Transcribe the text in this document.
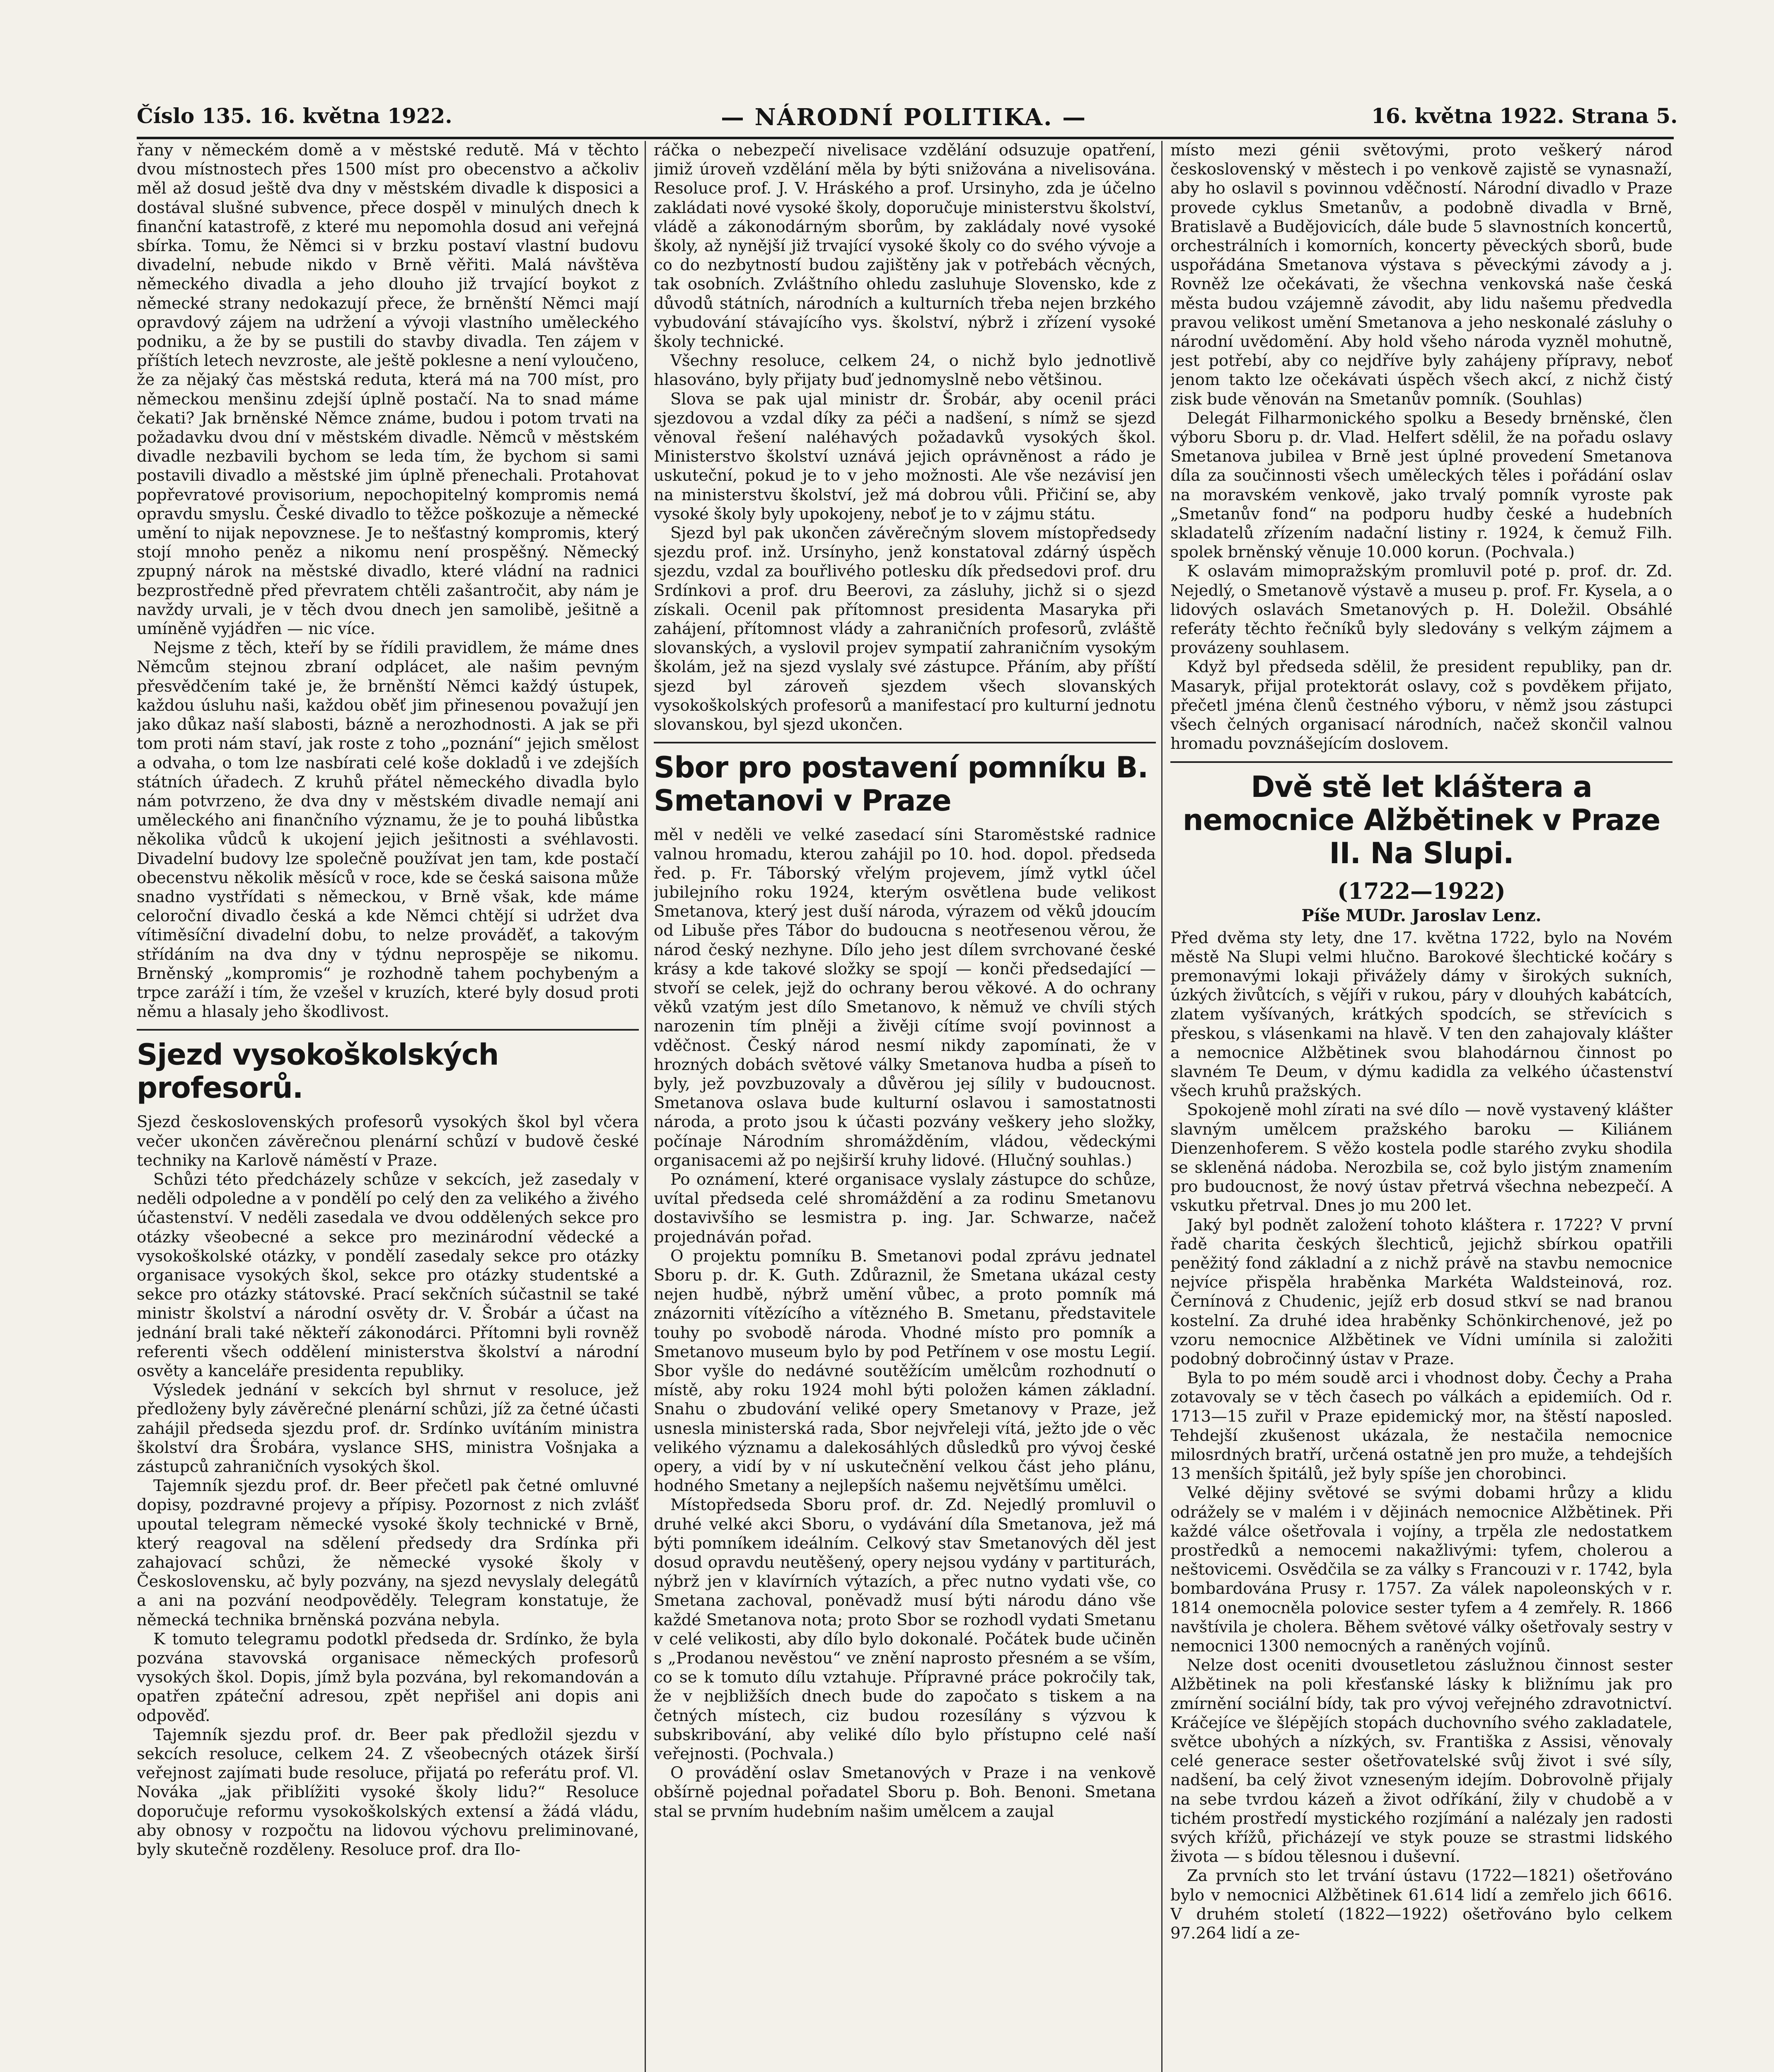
Číslo 135. 16. května 1922.	— NÁRODNÍ POLITIKA. —	16. května 1922. Strana 5.

řany v německém domě a v městské redutě. Má v těchto dvou místnostech přes 1500 míst pro obecenstvo a ačkoliv měl až dosud ještě dva dny v městském divadle k disposici a dostával slušné subvence, přece dospěl v minulých dnech k finanční katastrofě, z které mu nepomohla dosud ani veřejná sbírka. Tomu, že Němci si v brzku postaví vlastní budovu divadelní, nebude nikdo v Brně věřiti. Malá návštěva německého divadla a jeho dlouho již trvající boykot z německé strany nedokazují přece, že brněnští Němci mají opravdový zájem na udržení a vývoji vlastního uměleckého podniku, a že by se pustili do stavby divadla. Ten zájem v příštích letech nevzroste, ale ještě poklesne a není vyloučeno, že za nějaký čas městská reduta, která má na 700 míst, pro německou menšinu zdejší úplně postačí. Na to snad máme čekati? Jak brněnské Němce známe, budou i potom trvati na požadavku dvou dní v městském divadle. Němců v městském divadle nezbavili bychom se leda tím, že bychom si sami postavili divadlo a městské jim úplně přenechali. Protahovat popřevratové provisorium, nepochopitelný kompromis nemá opravdu smyslu. České divadlo to těžce poškozuje a německé umění to nijak nepovznese. Je to nešťastný kompromis, který stojí mnoho peněz a nikomu není prospěšný. Německý zpupný nárok na městské divadlo, které vládní na radnici bezprostředně před převratem chtěli zašantročit, aby nám je navždy urvali, je v těch dvou dnech jen samolibě, ješitně a umíněně vyjádřen — nic více.

Nejsme z těch, kteří by se řídili pravidlem, že máme dnes Němcům stejnou zbraní odplácet, ale našim pevným přesvědčením také je, že brněnští Němci každý ústupek, každou úsluhu naši, každou oběť jim přinesenou považují jen jako důkaz naší slabosti, bázně a nerozhodnosti. A jak se při tom proti nám staví, jak roste z toho „poznání“ jejich smělost a odvaha, o tom lze nasbírati celé koše dokladů i ve zdejších státních úřadech. Z kruhů přátel německého divadla bylo nám potvrzeno, že dva dny v městském divadle nemají ani uměleckého ani finančního významu, že je to pouhá libůstka několika vůdců k ukojení jejich ješitnosti a svéhlavosti. Divadelní budovy lze společně používat jen tam, kde postačí obecenstvu několik měsíců v roce, kde se česká saisona může snadno vystřídati s německou, v Brně však, kde máme celoroční divadlo česká a kde Němci chtějí si udržet dva vítiměsíční divadelní dobu, to nelze prováděť, a takovým střídáním na dva dny v týdnu neprospěje se nikomu. Brněnský „kompromis“ je rozhodně tahem pochybeným a trpce zaráží i tím, že vzešel v kruzích, které byly dosud proti němu a hlasaly jeho škodlivost.

Sjezd vysokoškolských profesorů.

Sjezd československých profesorů vysokých škol byl včera večer ukončen závěrečnou plenární schůzí v budově české techniky na Karlově náměstí v Praze.

Schůzi této předcházely schůze v sekcích, jež zasedaly v neděli odpoledne a v pondělí po celý den za velikého a živého účastenství. V neděli zasedala ve dvou oddělených sekce pro otázky všeobecné a sekce pro mezinárodní vědecké a vysokoškolské otázky, v pondělí zasedaly sekce pro otázky organisace vysokých škol, sekce pro otázky studentské a sekce pro otázky státovské. Prací sekčních súčastnil se také ministr školství a národní osvěty dr. V. Šrobár a účast na jednání brali také někteří zákonodárci. Přítomni byli rovněž referenti všech oddělení ministerstva školství a národní osvěty a kanceláře presidenta republiky.

Výsledek jednání v sekcích byl shrnut v resoluce, jež předloženy byly závěrečné plenární schůzi, jíž za četné účasti zahájil předseda sjezdu prof. dr. Srdínko uvítáním ministra školství dra Šrobára, vyslance SHS, ministra Vošnjaka a zástupců zahraničních vysokých škol.

Tajemník sjezdu prof. dr. Beer přečetl pak četné omluvné dopisy, pozdravné projevy a přípisy. Pozornost z nich zvlášť upoutal telegram německé vysoké školy technické v Brně, který reagoval na sdělení předsedy dra Srdínka při zahajovací schůzi, že německé vysoké školy v Československu, ač byly pozvány, na sjezd nevyslaly delegátů a ani na pozvání neodpověděly. Telegram konstatuje, že německá technika brněnská pozvána nebyla.

K tomuto telegramu podotkl předseda dr. Srdínko, že byla pozvána stavovská organisace německých profesorů vysokých škol. Dopis, jímž byla pozvána, byl rekomandován a opatřen zpáteční adresou, zpět nepřišel ani dopis ani odpověď.

Tajemník sjezdu prof. dr. Beer pak předložil sjezdu v sekcích resoluce, celkem 24. Z všeobecných otázek širší veřejnost zajímati bude resoluce, přijatá po referátu prof. Vl. Nováka „jak přiblížiti vysoké školy lidu?“ Resoluce doporučuje reformu vysokoškolských extensí a žádá vládu, aby obnosy v rozpočtu na lidovou výchovu preliminované, byly skutečně rozděleny. Resoluce prof. dra Ilo-

ráčka o nebezpečí nivelisace vzdělání odsuzuje opatření, jimiž úroveň vzdělání měla by býti snižována a nivelisována. Resoluce prof. J. V. Hráského a prof. Ursinyho, zda je účelno zakládati nové vysoké školy, doporučuje ministerstvu školství, vládě a zákonodárným sborům, by zakládaly nové vysoké školy, až nynější již trvající vysoké školy co do svého vývoje a co do nezbytností budou zajištěny jak v potřebách věcných, tak osobních. Zvláštního ohledu zasluhuje Slovensko, kde z důvodů státních, národních a kulturních třeba nejen brzkého vybudování stávajícího vys. školství, nýbrž i zřízení vysoké školy technické.

Všechny resoluce, celkem 24, o nichž bylo jednotlivě hlasováno, byly přijaty buď jednomyslně nebo většinou.

Slova se pak ujal ministr dr. Šrobár, aby ocenil práci sjezdovou a vzdal díky za péči a nadšení, s nímž se sjezd věnoval řešení naléhavých požadavků vysokých škol. Ministerstvo školství uznává jejich oprávněnost a rádo je uskuteční, pokud je to v jeho možnosti. Ale vše nezávisí jen na ministerstvu školství, jež má dobrou vůli. Přičiní se, aby vysoké školy byly upokojeny, neboť je to v zájmu státu.

Sjezd byl pak ukončen závěrečným slovem místopředsedy sjezdu prof. inž. Ursínyho, jenž konstatoval zdárný úspěch sjezdu, vzdal za bouřlivého potlesku dík předsedovi prof. dru Srdínkovi a prof. dru Beerovi, za zásluhy, jichž si o sjezd získali. Ocenil pak přítomnost presidenta Masaryka při zahájení, přítomnost vlády a zahraničních profesorů, zvláště slovanských, a vyslovil projev sympatií zahraničním vysokým školám, jež na sjezd vyslaly své zástupce. Přáním, aby příští sjezd byl zároveň sjezdem všech slovanských vysokoškolských profesorů a manifestací pro kulturní jednotu slovanskou, byl sjezd ukončen.

Sbor pro postavení pomníku B. Smetanovi v Praze

měl v neděli ve velké zasedací síni Staroměstské radnice valnou hromadu, kterou zahájil po 10. hod. dopol. předseda řed. p. Fr. Táborský vřelým projevem, jímž vytkl účel jubilejního roku 1924, kterým osvětlena bude velikost Smetanova, který jest duší národa, výrazem od věků jdoucím od Libuše přes Tábor do budoucna s neotřesenou věrou, že národ český nezhyne. Dílo jeho jest dílem svrchované české krásy a kde takové složky se spojí — konči předsedající — stvoří se celek, jejž do ochrany berou věkové. A do ochrany věků vzatým jest dílo Smetanovo, k němuž ve chvíli stých narozenin tím plněji a živěji cítíme svojí povinnost a vděčnost. Český národ nesmí nikdy zapomínati, že v hrozných dobách světové války Smetanova hudba a píseň to byly, jež povzbuzovaly a důvěrou jej sílily v budoucnost. Smetanova oslava bude kulturní oslavou i samostatnosti národa, a proto jsou k účasti pozvány veškery jeho složky, počínaje Národním shromážděním, vládou, vědeckými organisacemi až po nejširší kruhy lidové. (Hlučný souhlas.)

Po oznámení, které organisace vyslaly zástupce do schůze, uvítal předseda celé shromáždění a za rodinu Smetanovu dostavivšího se lesmistra p. ing. Jar. Schwarze, načež projednáván pořad.

O projektu pomníku B. Smetanovi podal zprávu jednatel Sboru p. dr. K. Guth. Zdůraznil, že Smetana ukázal cesty nejen hudbě, nýbrž umění vůbec, a proto pomník má znázorniti vítězícího a vítězného B. Smetanu, představitele touhy po svobodě národa. Vhodné místo pro pomník a Smetanovo museum bylo by pod Petřínem v ose mostu Legií. Sbor vyšle do nedávné soutěžícím umělcům rozhodnutí o místě, aby roku 1924 mohl býti položen kámen základní. Snahu o zbudování veliké opery Smetanovy v Praze, jež usnesla ministerská rada, Sbor nejvřeleji vítá, ježto jde o věc velikého významu a dalekosáhlých důsledků pro vývoj české opery, a vidí by v ní uskutečnění velkou část jeho plánu, hodného Smetany a nejlepších našemu největšímu umělci.

Místopředseda Sboru prof. dr. Zd. Nejedlý promluvil o druhé velké akci Sboru, o vydávání díla Smetanova, jež má býti pomníkem ideálním. Celkový stav Smetanových děl jest dosud opravdu neutěšený, opery nejsou vydány v partiturách, nýbrž jen v klavírních výtazích, a přec nutno vydati vše, co Smetana zachoval, poněvadž musí býti národu dáno vše každé Smetanova nota; proto Sbor se rozhodl vydati Smetanu v celé velikosti, aby dílo bylo dokonalé. Počátek bude učiněn s „Prodanou nevěstou“ ve znění naprosto přesném a se vším, co se k tomuto dílu vztahuje. Přípravné práce pokročily tak, že v nejbližších dnech bude do započato s tiskem a na četných místech, ciz budou rozesílány s výzvou k subskribování, aby veliké dílo bylo přístupno celé naší veřejnosti. (Pochvala.)

O provádění oslav Smetanových v Praze i na venkově obšírně pojednal pořadatel Sboru p. Boh. Benoni. Smetana stal se prvním hudebním našim umělcem a zaujal

místo mezi génii světovými, proto veškerý národ československý v městech i po venkově zajistě se vynasnaží, aby ho oslavil s povinnou vděčností. Národní divadlo v Praze provede cyklus Smetanův, a podobně divadla v Brně, Bratislavě a Budějovicích, dále bude 5 slavnostních koncertů, orchestrálních i komorních, koncerty pěveckých sborů, bude uspořádána Smetanova výstava s pěveckými závody a j. Rovněž lze očekávati, že všechna venkovská naše česká města budou vzájemně závodit, aby lidu našemu předvedla pravou velikost umění Smetanova a jeho neskonalé zásluhy o národní uvědomění. Aby hold všeho národa vyzněl mohutně, jest potřebí, aby co nejdříve byly zahájeny přípravy, neboť jenom takto lze očekávati úspěch všech akcí, z nichž čistý zisk bude věnován na Smetanův pomník. (Souhlas)

Delegát Filharmonického spolku a Besedy brněnské, člen výboru Sboru p. dr. Vlad. Helfert sdělil, že na pořadu oslavy Smetanova jubilea v Brně jest úplné provedení Smetanova díla za součinnosti všech uměleckých těles i pořádání oslav na moravském venkově, jako trvalý pomník vyroste pak „Smetanův fond“ na podporu hudby české a hudebních skladatelů zřízením nadační listiny r. 1924, k čemuž Filh. spolek brněnský věnuje 10.000 korun. (Pochvala.)

K oslavám mimopražským promluvil poté p. prof. dr. Zd. Nejedlý, o Smetanově výstavě a museu p. prof. Fr. Kysela, a o lidových oslavách Smetanových p. H. Doležil. Obsáhlé referáty těchto řečníků byly sledovány s velkým zájmem a provázeny souhlasem.

Když byl předseda sdělil, že president republiky, pan dr. Masaryk, přijal protektorát oslavy, což s povděkem přijato, přečetl jména členů čestného výboru, v němž jsou zástupci všech čelných organisací národních, načež skončil valnou hromadu povznášejícím doslovem.

Dvě stě let kláštera a nemocnice Alžbětinek v Praze II. Na Slupi.
(1722—1922)
Píše MUDr. Jaroslav Lenz.

Před dvěma sty lety, dne 17. května 1722, bylo na Novém městě Na Slupi velmi hlučno. Barokové šlechtické kočáry s premonavými lokaji přivážely dámy v širokých sukních, úzkých živůtcích, s vějíři v rukou, páry v dlouhých kabátcích, zlatem vyšívaných, krátkých spodcích, se střevícich s přeskou, s vlásenkami na hlavě. V ten den zahajovaly klášter a nemocnice Alžbětinek svou blahodárnou činnost po slavném Te Deum, v dýmu kadidla za velkého účastenství všech kruhů pražských.

Spokojeně mohl zírati na své dílo — nově vystavený klášter slavným umělcem pražského baroku — Kiliánem Dienzenhoferem. S věžo kostela podle starého zvyku shodila se skleněná nádoba. Nerozbila se, což bylo jistým znamením pro budoucnost, že nový ústav přetrvá všechna nebezpečí. A vskutku přetrval. Dnes jo mu 200 let.

Jaký byl podnět založení tohoto kláštera r. 1722? V první řadě charita českých šlechticů, jejichž sbírkou opatřili peněžitý fond základní a z nichž právě na stavbu nemocnice nejvíce přispěla hraběnka Markéta Waldsteinová, roz. Černínová z Chudenic, jejíž erb dosud stkví se nad branou kostelní. Za druhé idea hraběnky Schönkirchenové, jež po vzoru nemocnice Alžbětinek ve Vídni umínila si založiti podobný dobročinný ústav v Praze.

Byla to po mém soudě arci i vhodnost doby. Čechy a Praha zotavovaly se v těch časech po válkách a epidemiích. Od r. 1713—15 zuřil v Praze epidemický mor, na štěstí naposled. Tehdejší zkušenost ukázala, že nestačila nemocnice milosrdných bratří, určená ostatně jen pro muže, a tehdejších 13 menších špitálů, jež byly spíše jen chorobinci.

Velké dějiny světové se svými dobami hrůzy a klidu odrážely se v malém i v dějinách nemocnice Alžbětinek. Při každé válce ošetřovala i vojíny, a trpěla zle nedostatkem prostředků a nemocemi nakažlivými: tyfem, cholerou a neštovicemi. Osvědčila se za války s Francouzi v r. 1742, byla bombardována Prusy r. 1757. Za válek napoleonských v r. 1814 onemocněla polovice sester tyfem a 4 zemřely. R. 1866 navštívila je cholera. Během světové války ošetřovaly sestry v nemocnici 1300 nemocných a raněných vojínů.

Nelze dost oceniti dvousetletou záslužnou činnost sester Alžbětinek na poli křesťanské lásky k bližnímu jak pro zmírnění sociální bídy, tak pro vývoj veřejného zdravotnictví. Kráčejíce ve šlépějích stopách duchovního svého zakladatele, světce ubohých a nízkých, sv. Františka z Assisi, věnovaly celé generace sester ošetřovatelské svůj život i své síly, nadšení, ba celý život vzneseným idejím. Dobrovolně přijaly na sebe tvrdou kázeň a život odříkání, žily v chudobě a v tichém prostředí mystického rozjímání a nalézaly jen radosti svých křížů, přicházejí ve styk pouze se strastmi lidského života — s bídou tělesnou i duševní.

Za prvních sto let trvání ústavu (1722—1821) ošetřováno bylo v nemocnici Alžbětinek 61.614 lidí a zemřelo jich 6616. V druhém století (1822—1922) ošetřováno bylo celkem 97.264 lidí a ze-
